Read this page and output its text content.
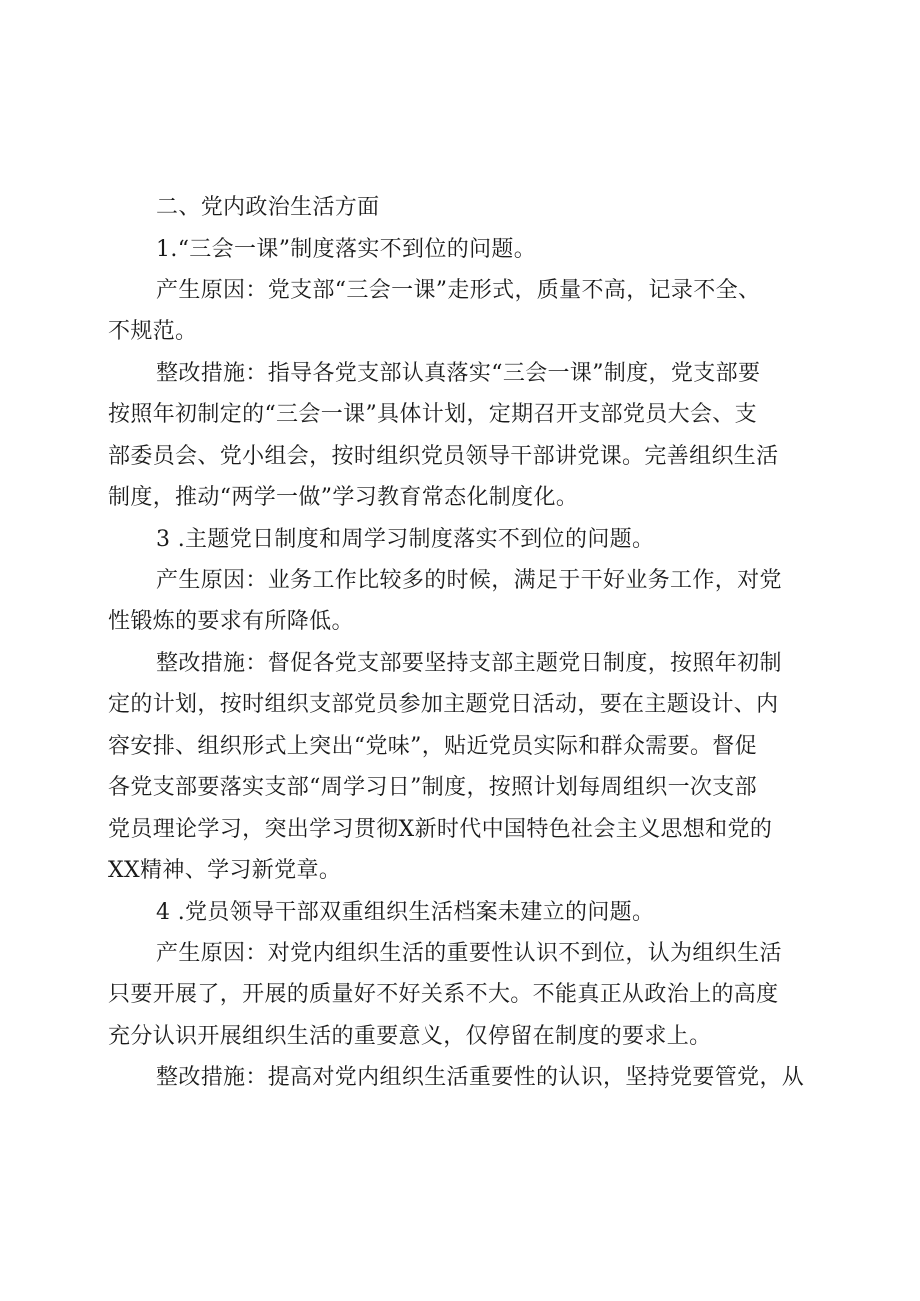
二、党内政治生活方面
1.“三会一课”制度落实不到位的问题。
产生原因：党支部“三会一课”走形式，质量不高，记录不全、
不规范。
整改措施：指导各党支部认真落实“三会一课”制度，党支部要
按照年初制定的“三会一课”具体计划，定期召开支部党员大会、支
部委员会、党小组会，按时组织党员领导干部讲党课。完善组织生活
制度，推动“两学一做”学习教育常态化制度化。
3 .主题党日制度和周学习制度落实不到位的问题。
产生原因：业务工作比较多的时候，满足于干好业务工作，对党
性锻炼的要求有所降低。
整改措施：督促各党支部要坚持支部主题党日制度，按照年初制
定的计划，按时组织支部党员参加主题党日活动，要在主题设计、内
容安排、组织形式上突出“党味”，贴近党员实际和群众需要。督促
各党支部要落实支部“周学习日”制度，按照计划每周组织一次支部
党员理论学习，突出学习贯彻X新时代中国特色社会主义思想和党的
XX精神、学习新党章。
4 .党员领导干部双重组织生活档案未建立的问题。
产生原因：对党内组织生活的重要性认识不到位，认为组织生活
只要开展了，开展的质量好不好关系不大。不能真正从政治上的高度
充分认识开展组织生活的重要意义，仅停留在制度的要求上。
整改措施：提高对党内组织生活重要性的认识，坚持党要管党，从
